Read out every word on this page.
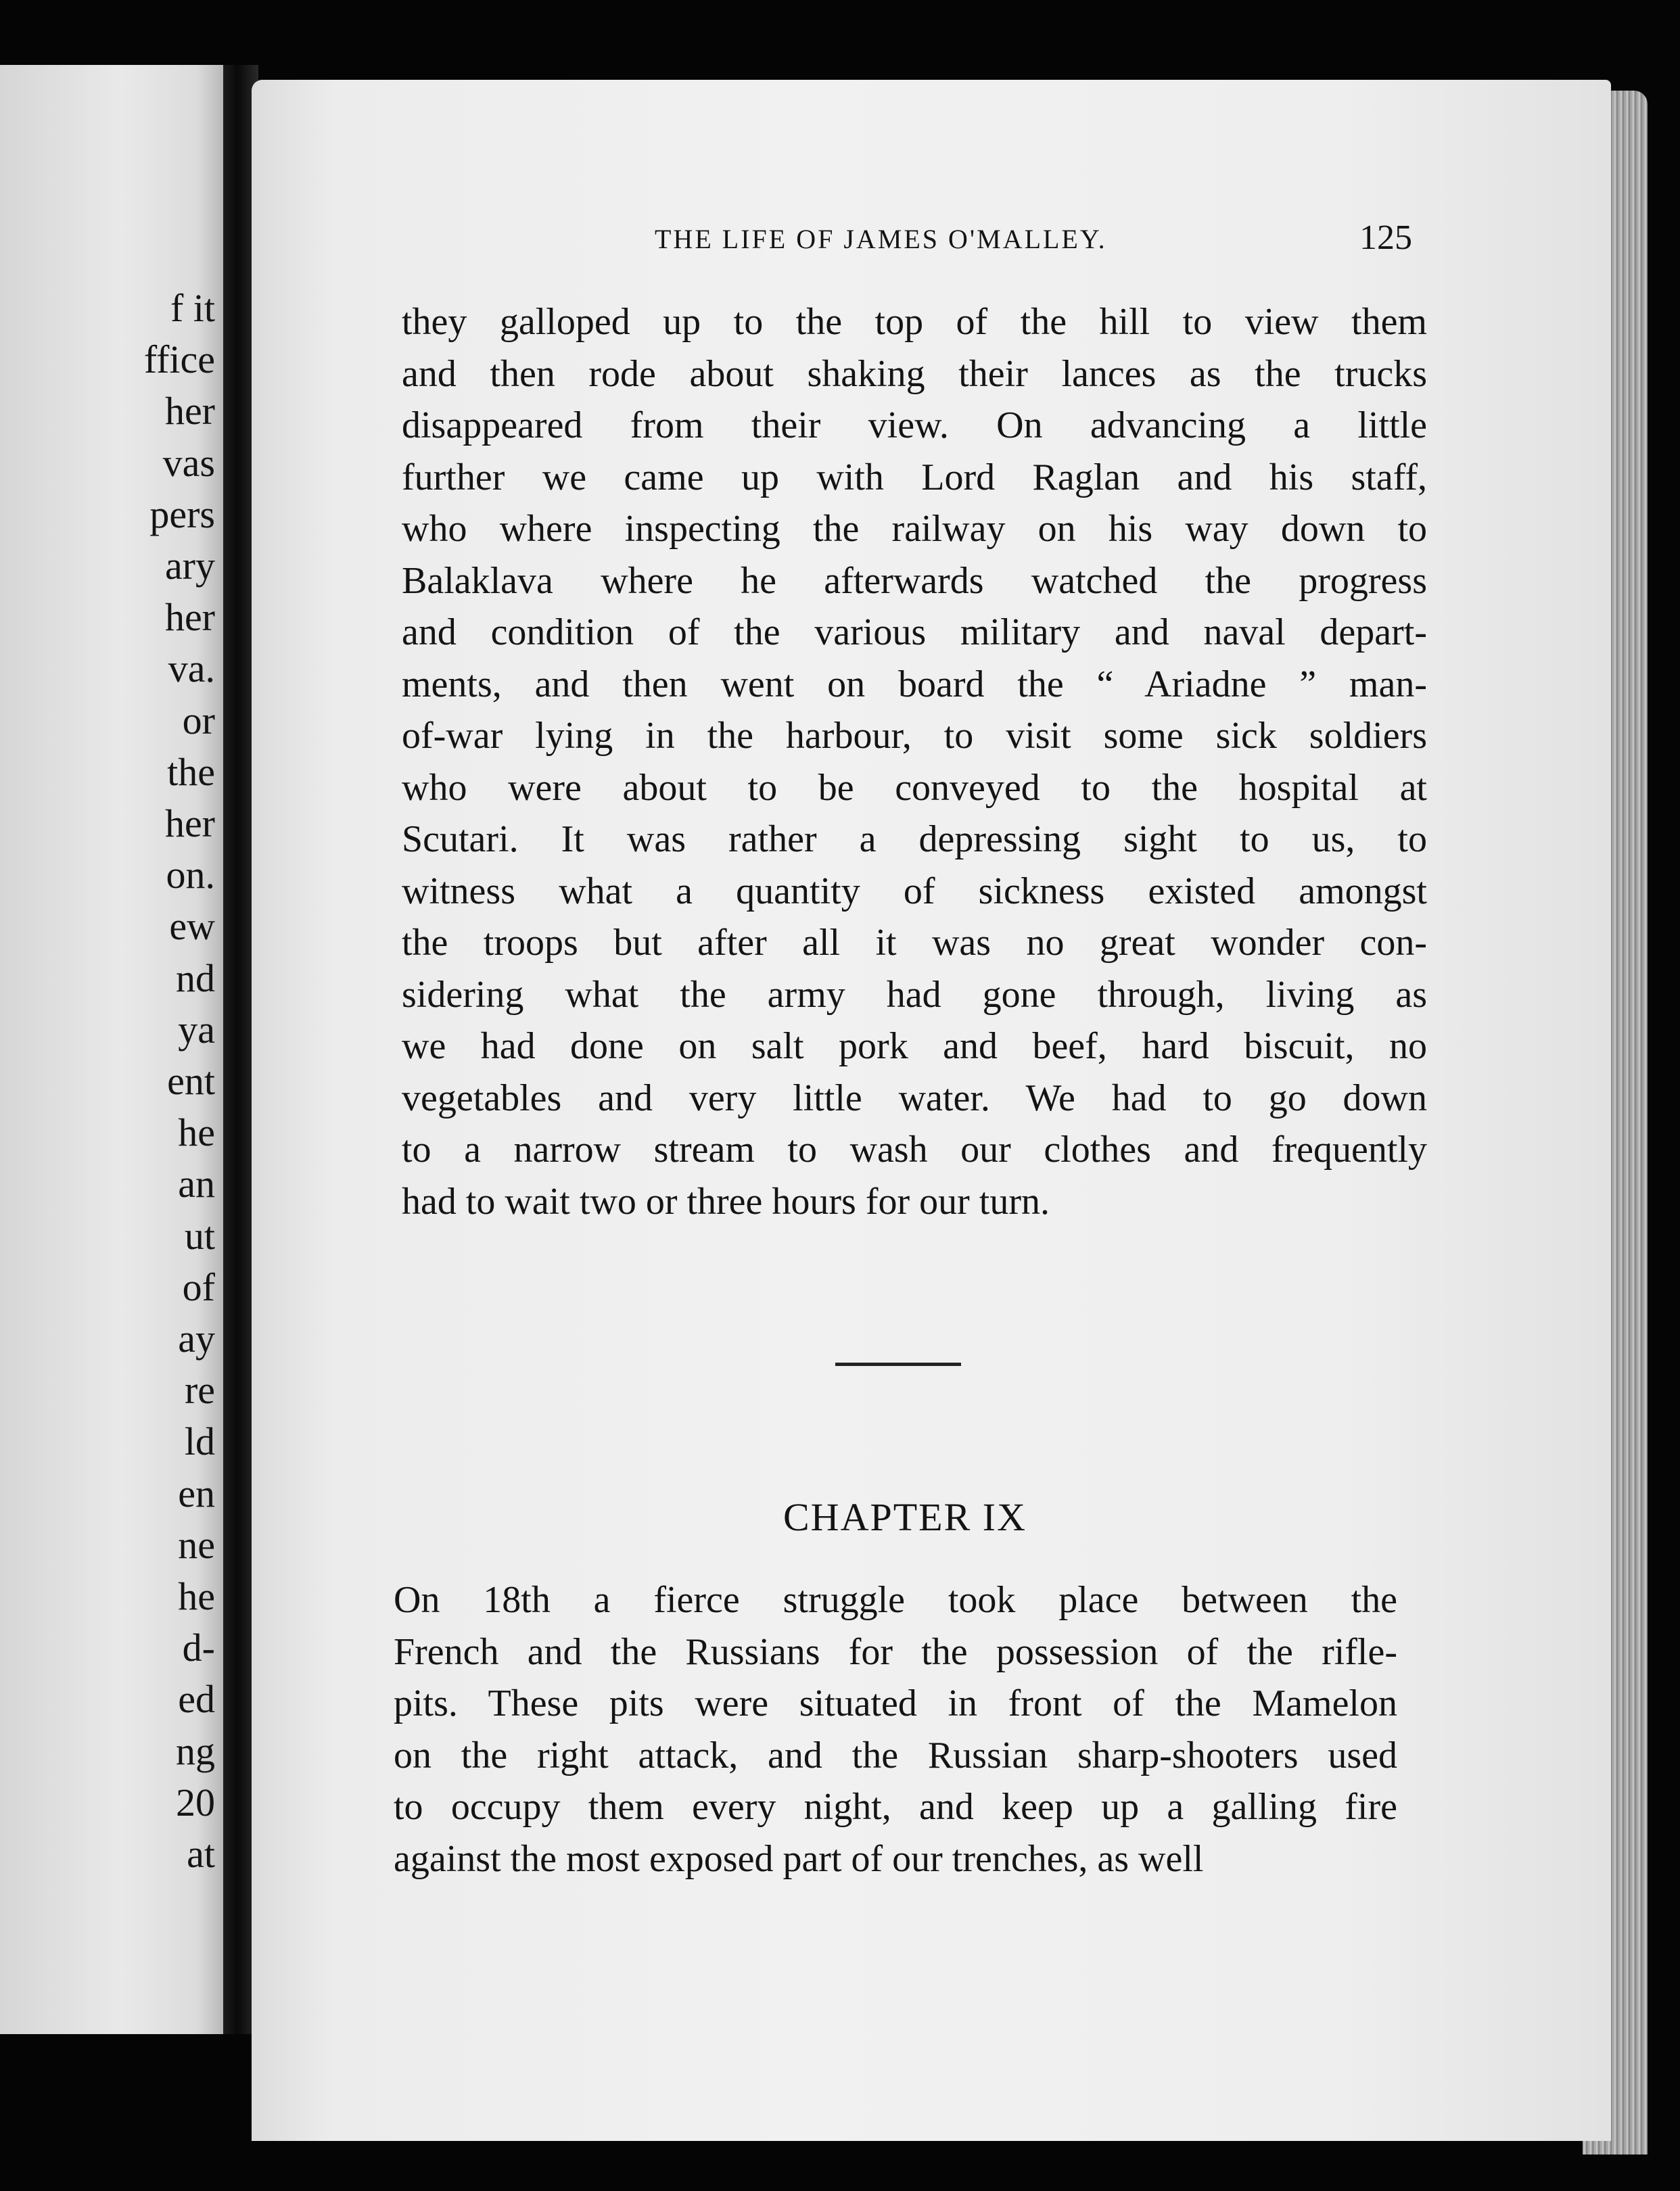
f it
ffice
her
vas
pers
ary
her
va.
or
the
her
on.
ew
nd
ya
ent
he
an
ut
of
ay
re
ld
en
ne
he
d-
ed
ng
20
at
THE LIFE OF JAMES O'MALLEY.	125
they galloped up to the top of the hill to view them
and then rode about shaking their lances as the trucks
disappeared from their view. On advancing a little
further we came up with Lord Raglan and his staff,
who where inspecting the railway on his way down to
Balaklava where he afterwards watched the progress
and condition of the various military and naval depart-
ments, and then went on board the “ Ariadne ” man-
of-war lying in the harbour, to visit some sick soldiers
who were about to be conveyed to the hospital at
Scutari. It was rather a depressing sight to us, to
witness what a quantity of sickness existed amongst
the troops but after all it was no great wonder con-
sidering what the army had gone through, living as
we had done on salt pork and beef, hard biscuit, no
vegetables and very little water. We had to go down
to a narrow stream to wash our clothes and frequently
had to wait two or three hours for our turn.
CHAPTER IX
On 18th a fierce struggle took place between the
French and the Russians for the possession of the rifle-
pits. These pits were situated in front of the Mamelon
on the right attack, and the Russian sharp-shooters used
to occupy them every night, and keep up a galling fire
against the most exposed part of our trenches, as well
